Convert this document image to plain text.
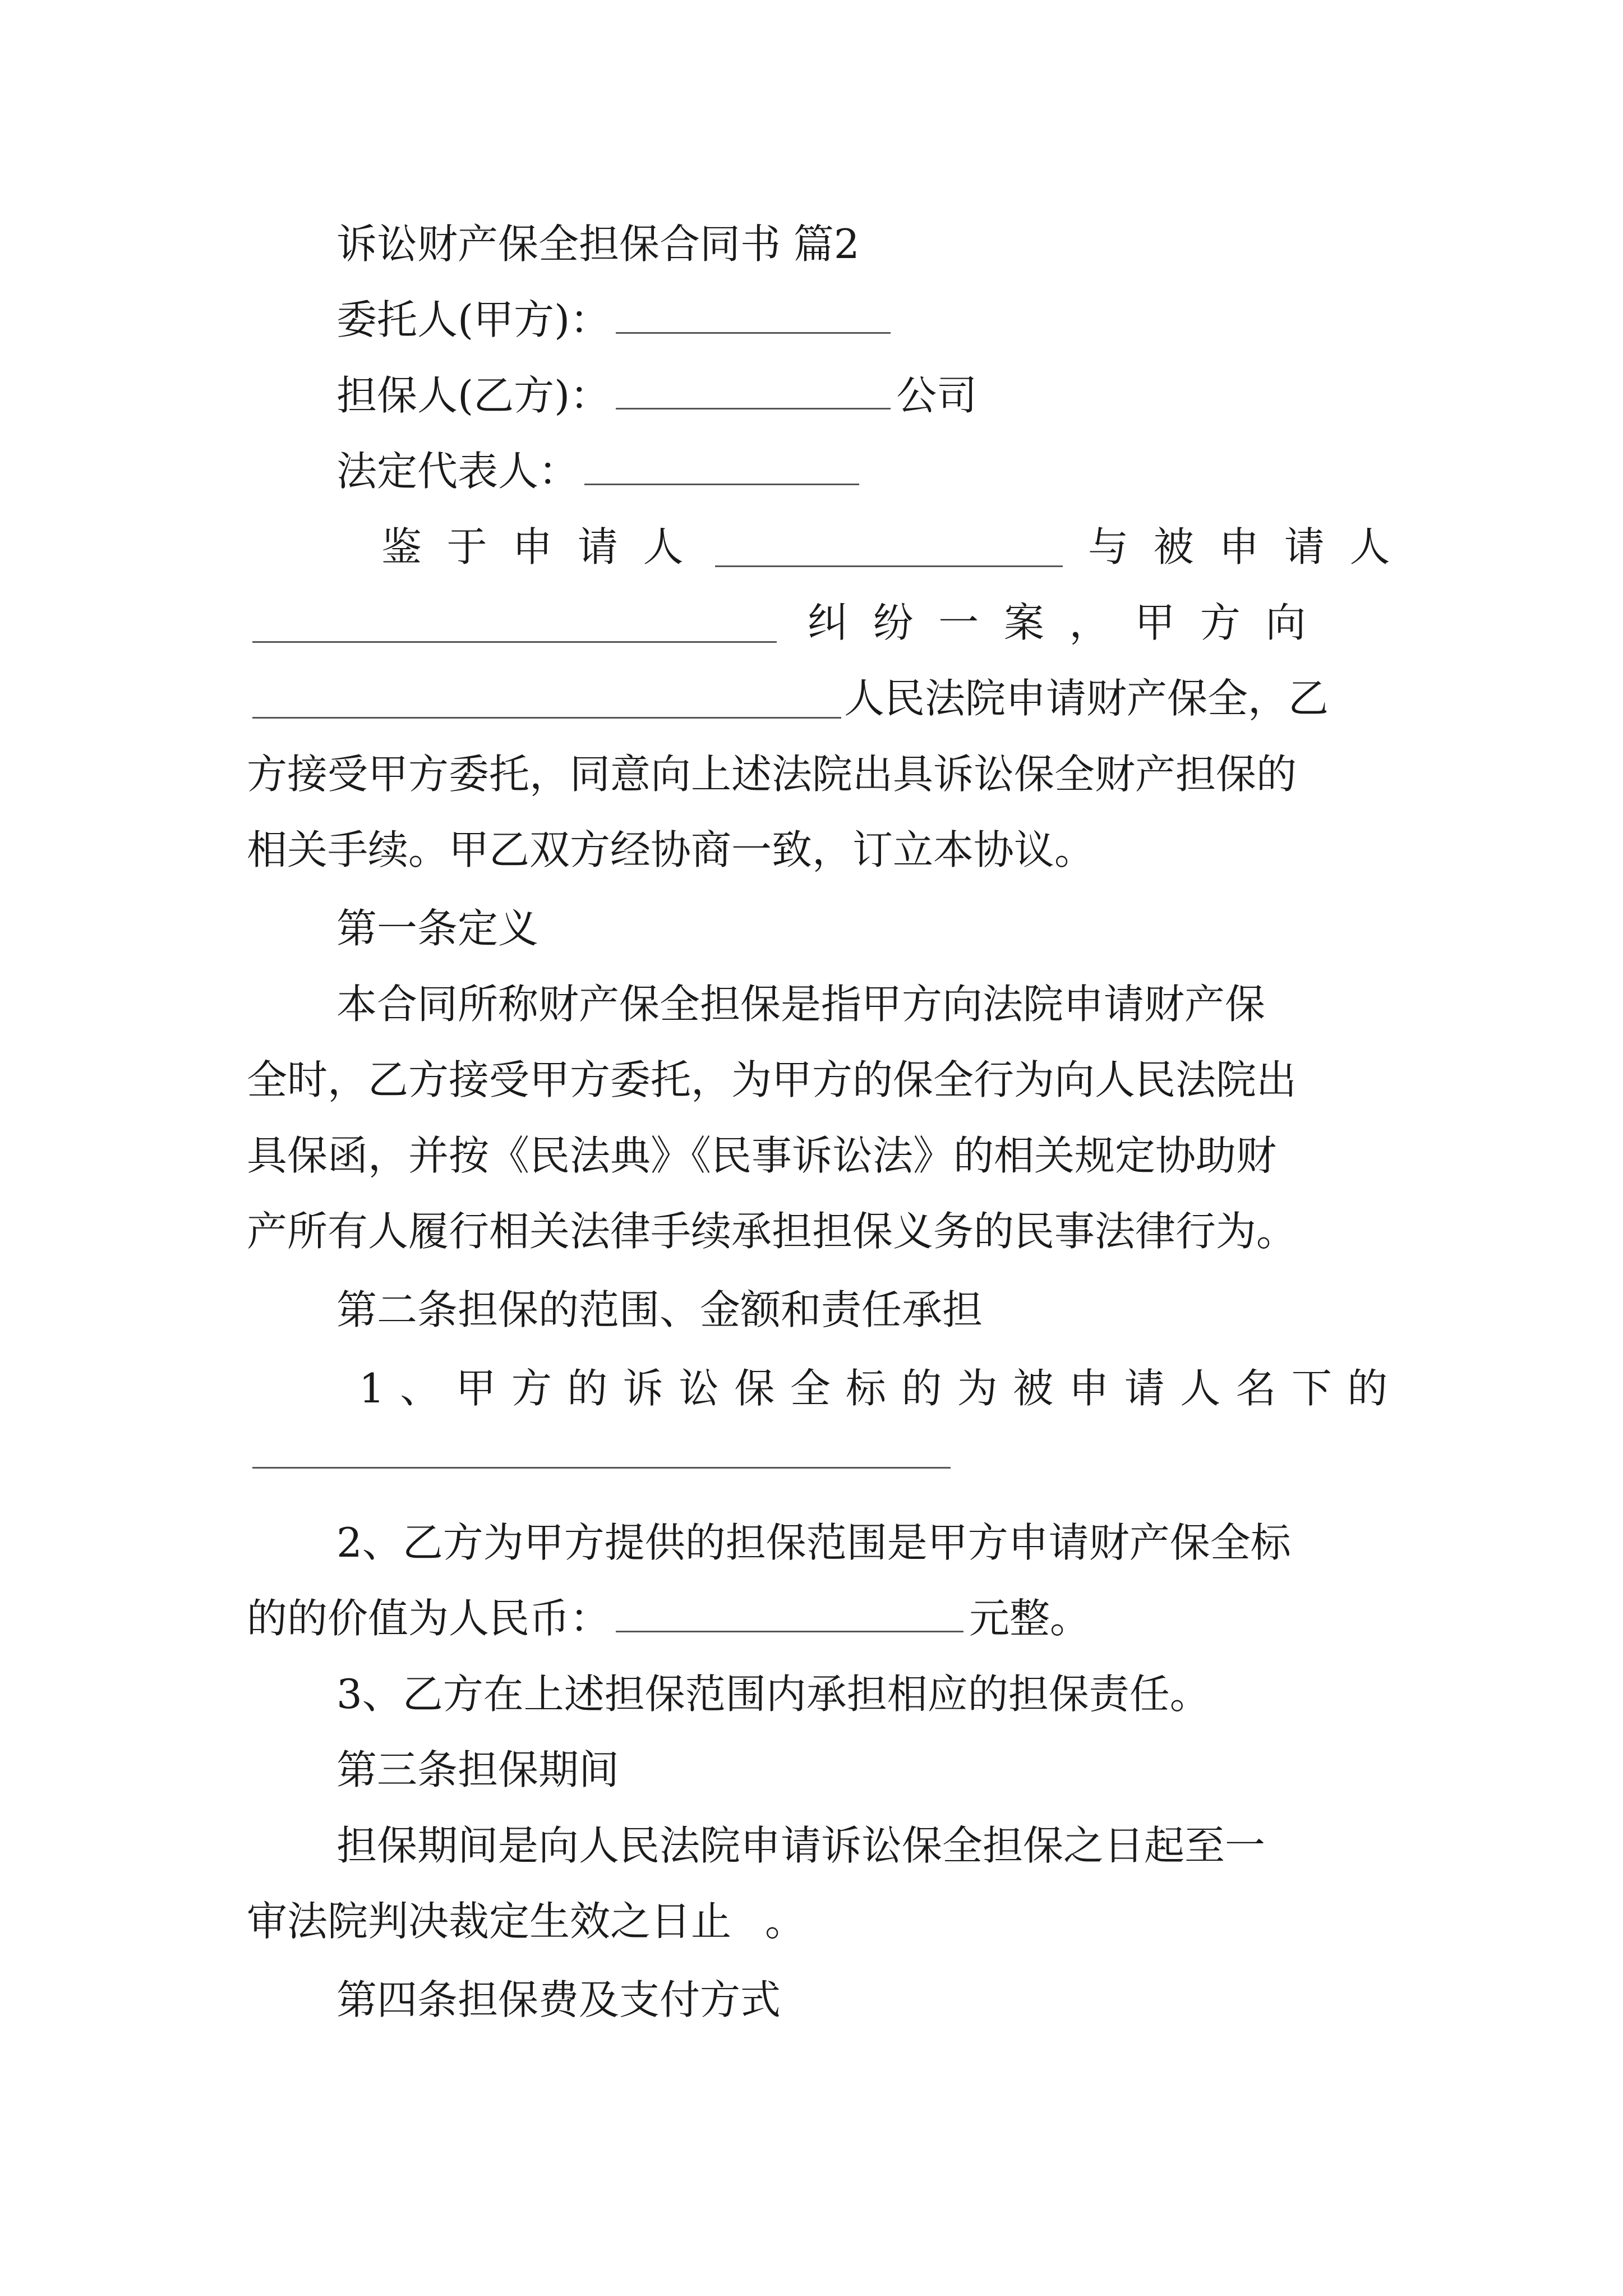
诉讼财产保全担保合同书 篇2

委托人(甲方)：
担保人(乙方)：	公司
法定代表人：
鉴于申请人	与被申请人
纠纷一案，甲方向
人民法院申请财产保全，乙

方接受甲方委托，同意向上述法院出具诉讼保全财产担保的

相关手续。甲乙双方经协商一致，订立本协议。

第一条定义

本合同所称财产保全担保是指甲方向法院申请财产保

全时，乙方接受甲方委托，为甲方的保全行为向人民法院出

具保函，并按《民法典》《民事诉讼法》的相关规定协助财

产所有人履行相关法律手续承担担保义务的民事法律行为。

第二条担保的范围、金额和责任承担

1、甲方的诉讼保全标的为被申请人名下的

2、乙方为甲方提供的担保范围是甲方申请财产保全标

的的价值为人民币：	元整。

3、乙方在上述担保范围内承担相应的担保责任。

第三条担保期间

担保期间是向人民法院申请诉讼保全担保之日起至一

审法院判决裁定生效之日止 。

第四条担保费及支付方式
